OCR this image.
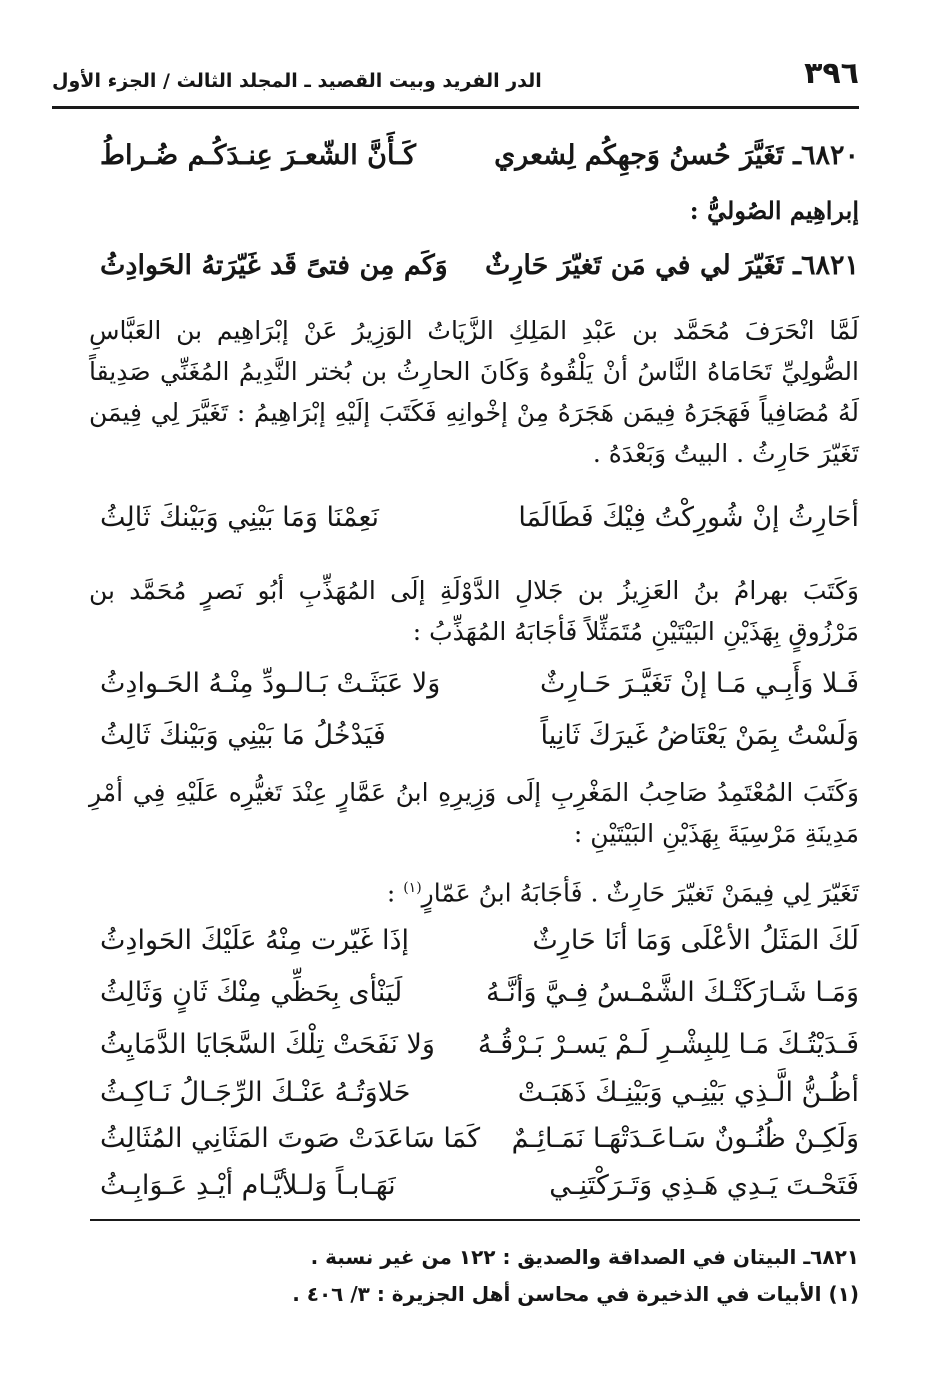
٣٩٦
الدر الفريد وبيت القصيد ـ المجلد الثالث / الجزء الأول
٦٨٢٠ـ تَغَيَّرَ حُسنُ وَجهِكُم لِشعري
كَـأَنَّ الشّعـرَ عِنـدَكُـم ضُـراطُ
إبراهِيم الصُوليُّ :
٦٨٢١ـ تَغَيّرَ لي في مَن تَغيّرَ حَارِثٌ
وَكَم مِن فتىً قَد غَيّرَتهُ الحَوادِثُ
لَمَّا انْحَرَفَ مُحَمَّد بن عَبْدِ المَلِكِ الزَّيَاتُ الوَزِيرُ عَنْ إبْرَاهِيم بن العَبَّاسِ الصُّولِيِّ تَحَامَاهُ النَّاسُ أنْ يَلْقُوهُ وَكَانَ الحارِثُ بن بُختر النَّدِيمُ المُغَنِّي صَدِيقاً لَهُ مُصَافِياً فَهَجَرَهُ فِيمَن هَجَرَهُ مِنْ إخْوانِهِ فَكَتَبَ إلَيْهِ إبْرَاهِيمُ : تَغَيَّرَ لِي فِيمَن تَغَيّرَ حَارِثُ . البيتُ وَبَعْدَهُ .
أحَارِثُ إنْ شُورِكْتُ فِيْكَ فَطَالَمَا
نَعِمْنَا وَمَا بَيْنِي وَبَيْنكَ ثَالِثُ
وَكَتَبَ بهرامُ بنُ العَزِيزُ بن جَلالِ الدَّوْلَةِ إلَى المُهَذِّبِ أبُو نَصرٍ مُحَمَّد بن مَرْزُوقٍ بِهَذَيْنِ البَيْتَيْنِ مُتَمَثِّلاً فَأجَابَهُ المُهَذِّبُ :
فَـلا وَأَبِـي مَـا إنْ تَغَيَّـرَ حَـارِثٌ
وَلا عَبَثَـتْ بَـالـودِّ مِنْـهُ الحَـوادِثُ
وَلَسْتُ بِمَنْ يَعْتَاضُ غَيرَكَ ثَانِياً
فَيَدْخُلُ مَا بَيْنِي وَبَيْنكَ ثَالِثُ
وَكَتَبَ المُعْتَمِدُ صَاحِبُ المَغْرِبِ إلَى وَزِيرِهِ ابنُ عَمَّارٍ عِنْدَ تَغيُّرِه عَلَيْهِ فِي أمْرِ مَدِينَةِ مَرْسِيَةَ بِهَذَيْنِ البَيْتَيْنِ :
تَغَيّرَ لِي فِيمَنْ تَغيّرَ حَارِثٌ . فَأجَابَهُ ابنُ عَمّارٍ$^{(١)}$ :
لَكَ المَثَلُ الأعْلَى وَمَا أنَا حَارِثٌ
إذَا غَيّرت مِنْهُ عَلَيْكَ الحَوادِثُ
وَمَـا شَـارَكَتْـكَ الشَّمْـسُ فِـيَّ وَأنَّـهُ
لَيَنْأى بِحَظِّي مِنْكَ ثَانٍ وَثَالِثُ
فَـدَيْتُـكَ مَـا لِلبِشْـرِ لَـمْ يَسـرْ بَـرْقُـهُ
وَلا نَفَحَتْ تِلْكَ السَّجَايَا الدَّمَايِثُ
أظُـنُّ الَّـذِي بَيْنِـي وَبَيْنِـكَ ذَهَبَـتْ
حَلاوَتُـهُ عَنْـكَ الرِّجَـالُ نَـاكِـثُ
وَلَكِـنْ ظُنُـونٌ سَـاعَـدَتْهَـا نَمَـائِـمٌ
كَمَا سَاعَدَتْ صَوتَ المَثَانِي المُثَالِثُ
فَتَحْـتَ يَـدِي هَـذِي وَتَـرَكْتَنِـي
نَهَـابـاً وَلـلأيَّـام أيْـدِ عَـوَابِـثُ
٦٨٢١ـ البيتان في الصداقة والصديق : ١٢٢ من غير نسبة .
(١) الأبيات في الذخيرة في محاسن أهل الجزيرة : ٣/ ٤٠٦ .
